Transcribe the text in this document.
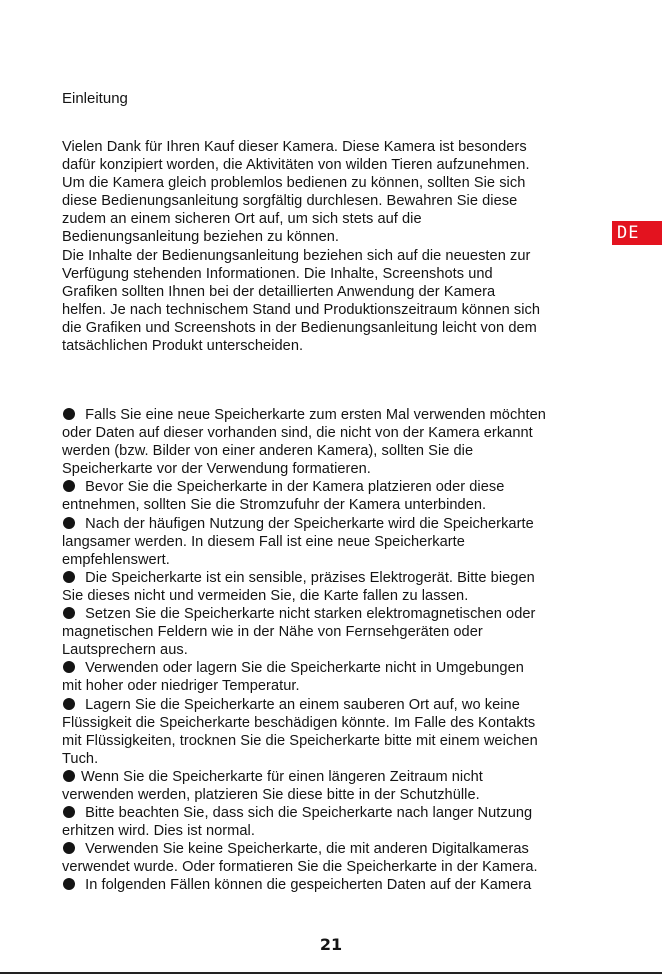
Einleitung
Vielen Dank für Ihren Kauf dieser Kamera. Diese Kamera ist besonders
dafür konzipiert worden, die Aktivitäten von wilden Tieren aufzunehmen.
Um die Kamera gleich problemlos bedienen zu können, sollten Sie sich
diese Bedienungsanleitung sorgfältig durchlesen. Bewahren Sie diese
zudem an einem sicheren Ort auf, um sich stets auf die
Bedienungsanleitung beziehen zu können.
Die Inhalte der Bedienungsanleitung beziehen sich auf die neuesten zur
Verfügung stehenden Informationen. Die Inhalte, Screenshots und
Grafiken sollten Ihnen bei der detaillierten Anwendung der Kamera
helfen. Je nach technischem Stand und Produktionszeitraum können sich
die Grafiken und Screenshots in der Bedienungsanleitung leicht von dem
tatsächlichen Produkt unterscheiden.
DE
Falls Sie eine neue Speicherkarte zum ersten Mal verwenden möchten
oder Daten auf dieser vorhanden sind, die nicht von der Kamera erkannt
werden (bzw. Bilder von einer anderen Kamera), sollten Sie die
Speicherkarte vor der Verwendung formatieren.
Bevor Sie die Speicherkarte in der Kamera platzieren oder diese
entnehmen, sollten Sie die Stromzufuhr der Kamera unterbinden.
Nach der häufigen Nutzung der Speicherkarte wird die Speicherkarte
langsamer werden. In diesem Fall ist eine neue Speicherkarte
empfehlenswert.
Die Speicherkarte ist ein sensible, präzises Elektrogerät. Bitte biegen
Sie dieses nicht und vermeiden Sie, die Karte fallen zu lassen.
Setzen Sie die Speicherkarte nicht starken elektromagnetischen oder
magnetischen Feldern wie in der Nähe von Fernsehgeräten oder
Lautsprechern aus.
Verwenden oder lagern Sie die Speicherkarte nicht in Umgebungen
mit hoher oder niedriger Temperatur.
Lagern Sie die Speicherkarte an einem sauberen Ort auf, wo keine
Flüssigkeit die Speicherkarte beschädigen könnte. Im Falle des Kontakts
mit Flüssigkeiten, trocknen Sie die Speicherkarte bitte mit einem weichen
Tuch.
Wenn Sie die Speicherkarte für einen längeren Zeitraum nicht
verwenden werden, platzieren Sie diese bitte in der Schutzhülle.
Bitte beachten Sie, dass sich die Speicherkarte nach langer Nutzung
erhitzen wird. Dies ist normal.
Verwenden Sie keine Speicherkarte, die mit anderen Digitalkameras
verwendet wurde. Oder formatieren Sie die Speicherkarte in der Kamera.
In folgenden Fällen können die gespeicherten Daten auf der Kamera
21
